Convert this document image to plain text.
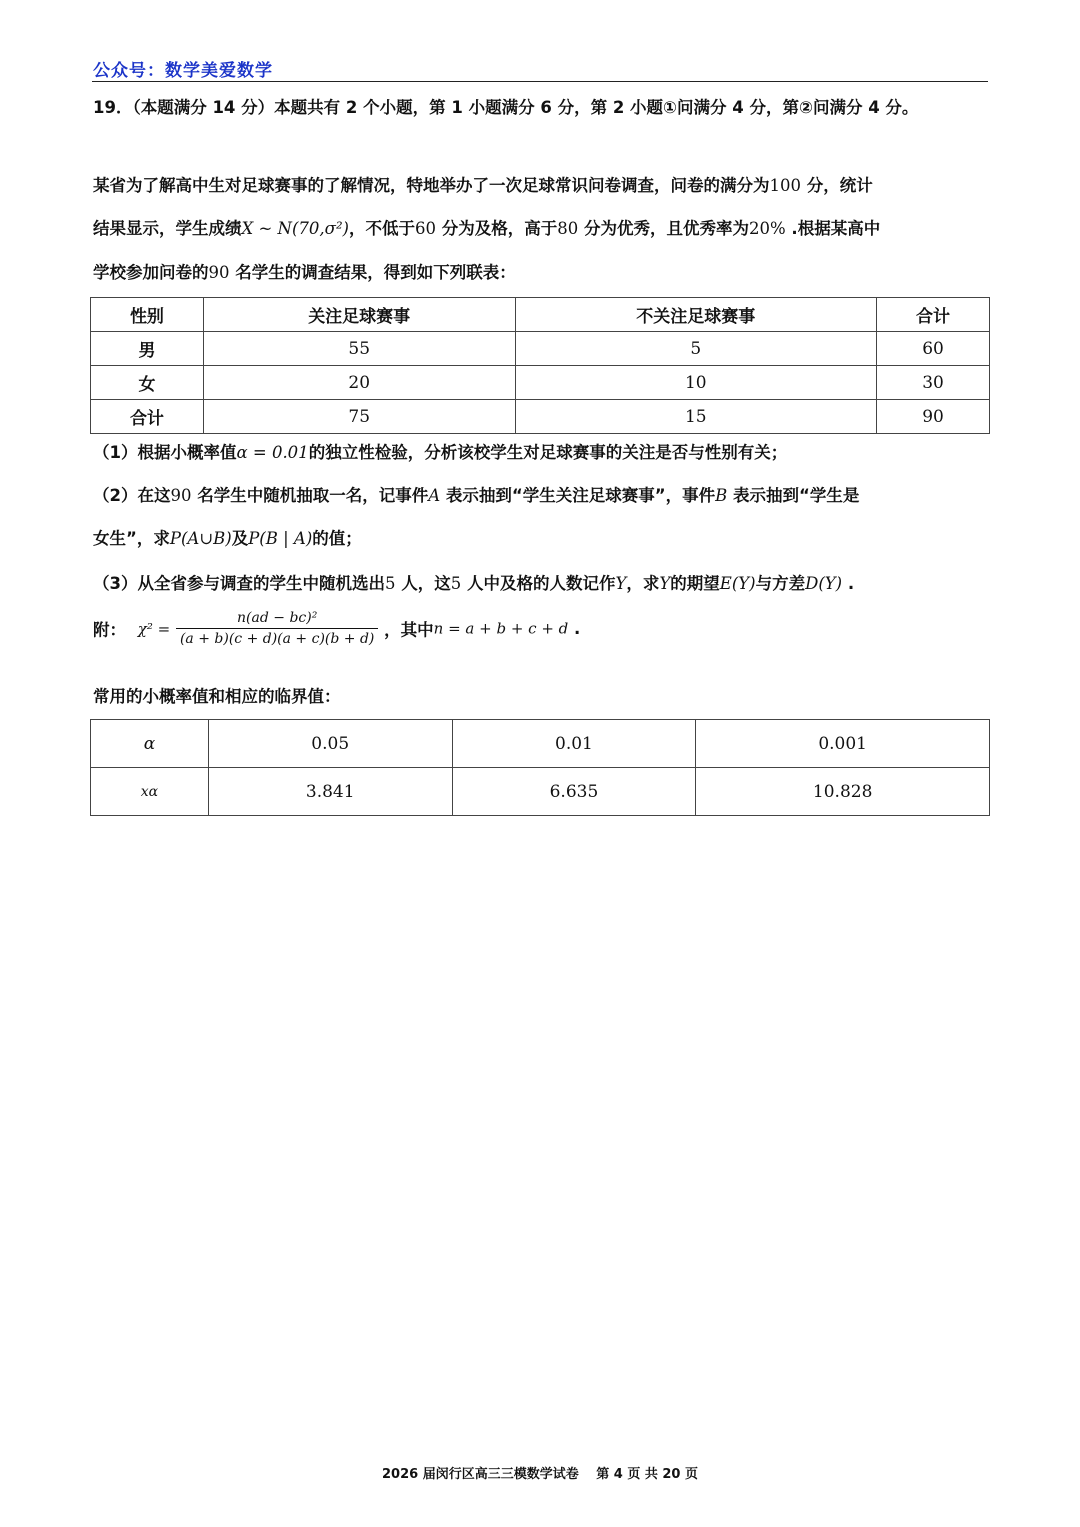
公众号：数学美爱数学
19．（本题满分 14 分）本题共有 2 个小题，第 1 小题满分 6 分，第 2 小题①问满分 4 分，第②问满分 4 分。
某省为了解高中生对足球赛事的了解情况，特地举办了一次足球常识问卷调查，问卷的满分为100 分，统计
结果显示，学生成绩X ~ N(70,σ²)，不低于60 分为及格，高于80 分为优秀，且优秀率为20% .根据某高中
学校参加问卷的90 名学生的调查结果，得到如下列联表：
性别	关注足球赛事	不关注足球赛事	合计
男	55	5	60
女	20	10	30
合计	75	15	90
（1）根据小概率值α = 0.01的独立性检验，分析该校学生对足球赛事的关注是否与性别有关；
（2）在这90 名学生中随机抽取一名，记事件A 表示抽到“学生关注足球赛事”，事件B 表示抽到“学生是
女生”，求P(A∪B)及P(B | A)的值；
（3）从全省参与调查的学生中随机选出5 人，这5 人中及格的人数记作Y，求Y的期望E(Y)与方差D(Y) .
附： $\chi^2 = \frac{\text{n(ad − bc)²}}{(a + b)(c + d)(a + c)(b + d)}$ ，其中n = a + b + c + d .
常用的小概率值和相应的临界值：
α	0.05	0.01	0.001
xα	3.841	6.635	10.828
2026 届闵行区高三三模数学试卷　 第 4 页 共 20 页
